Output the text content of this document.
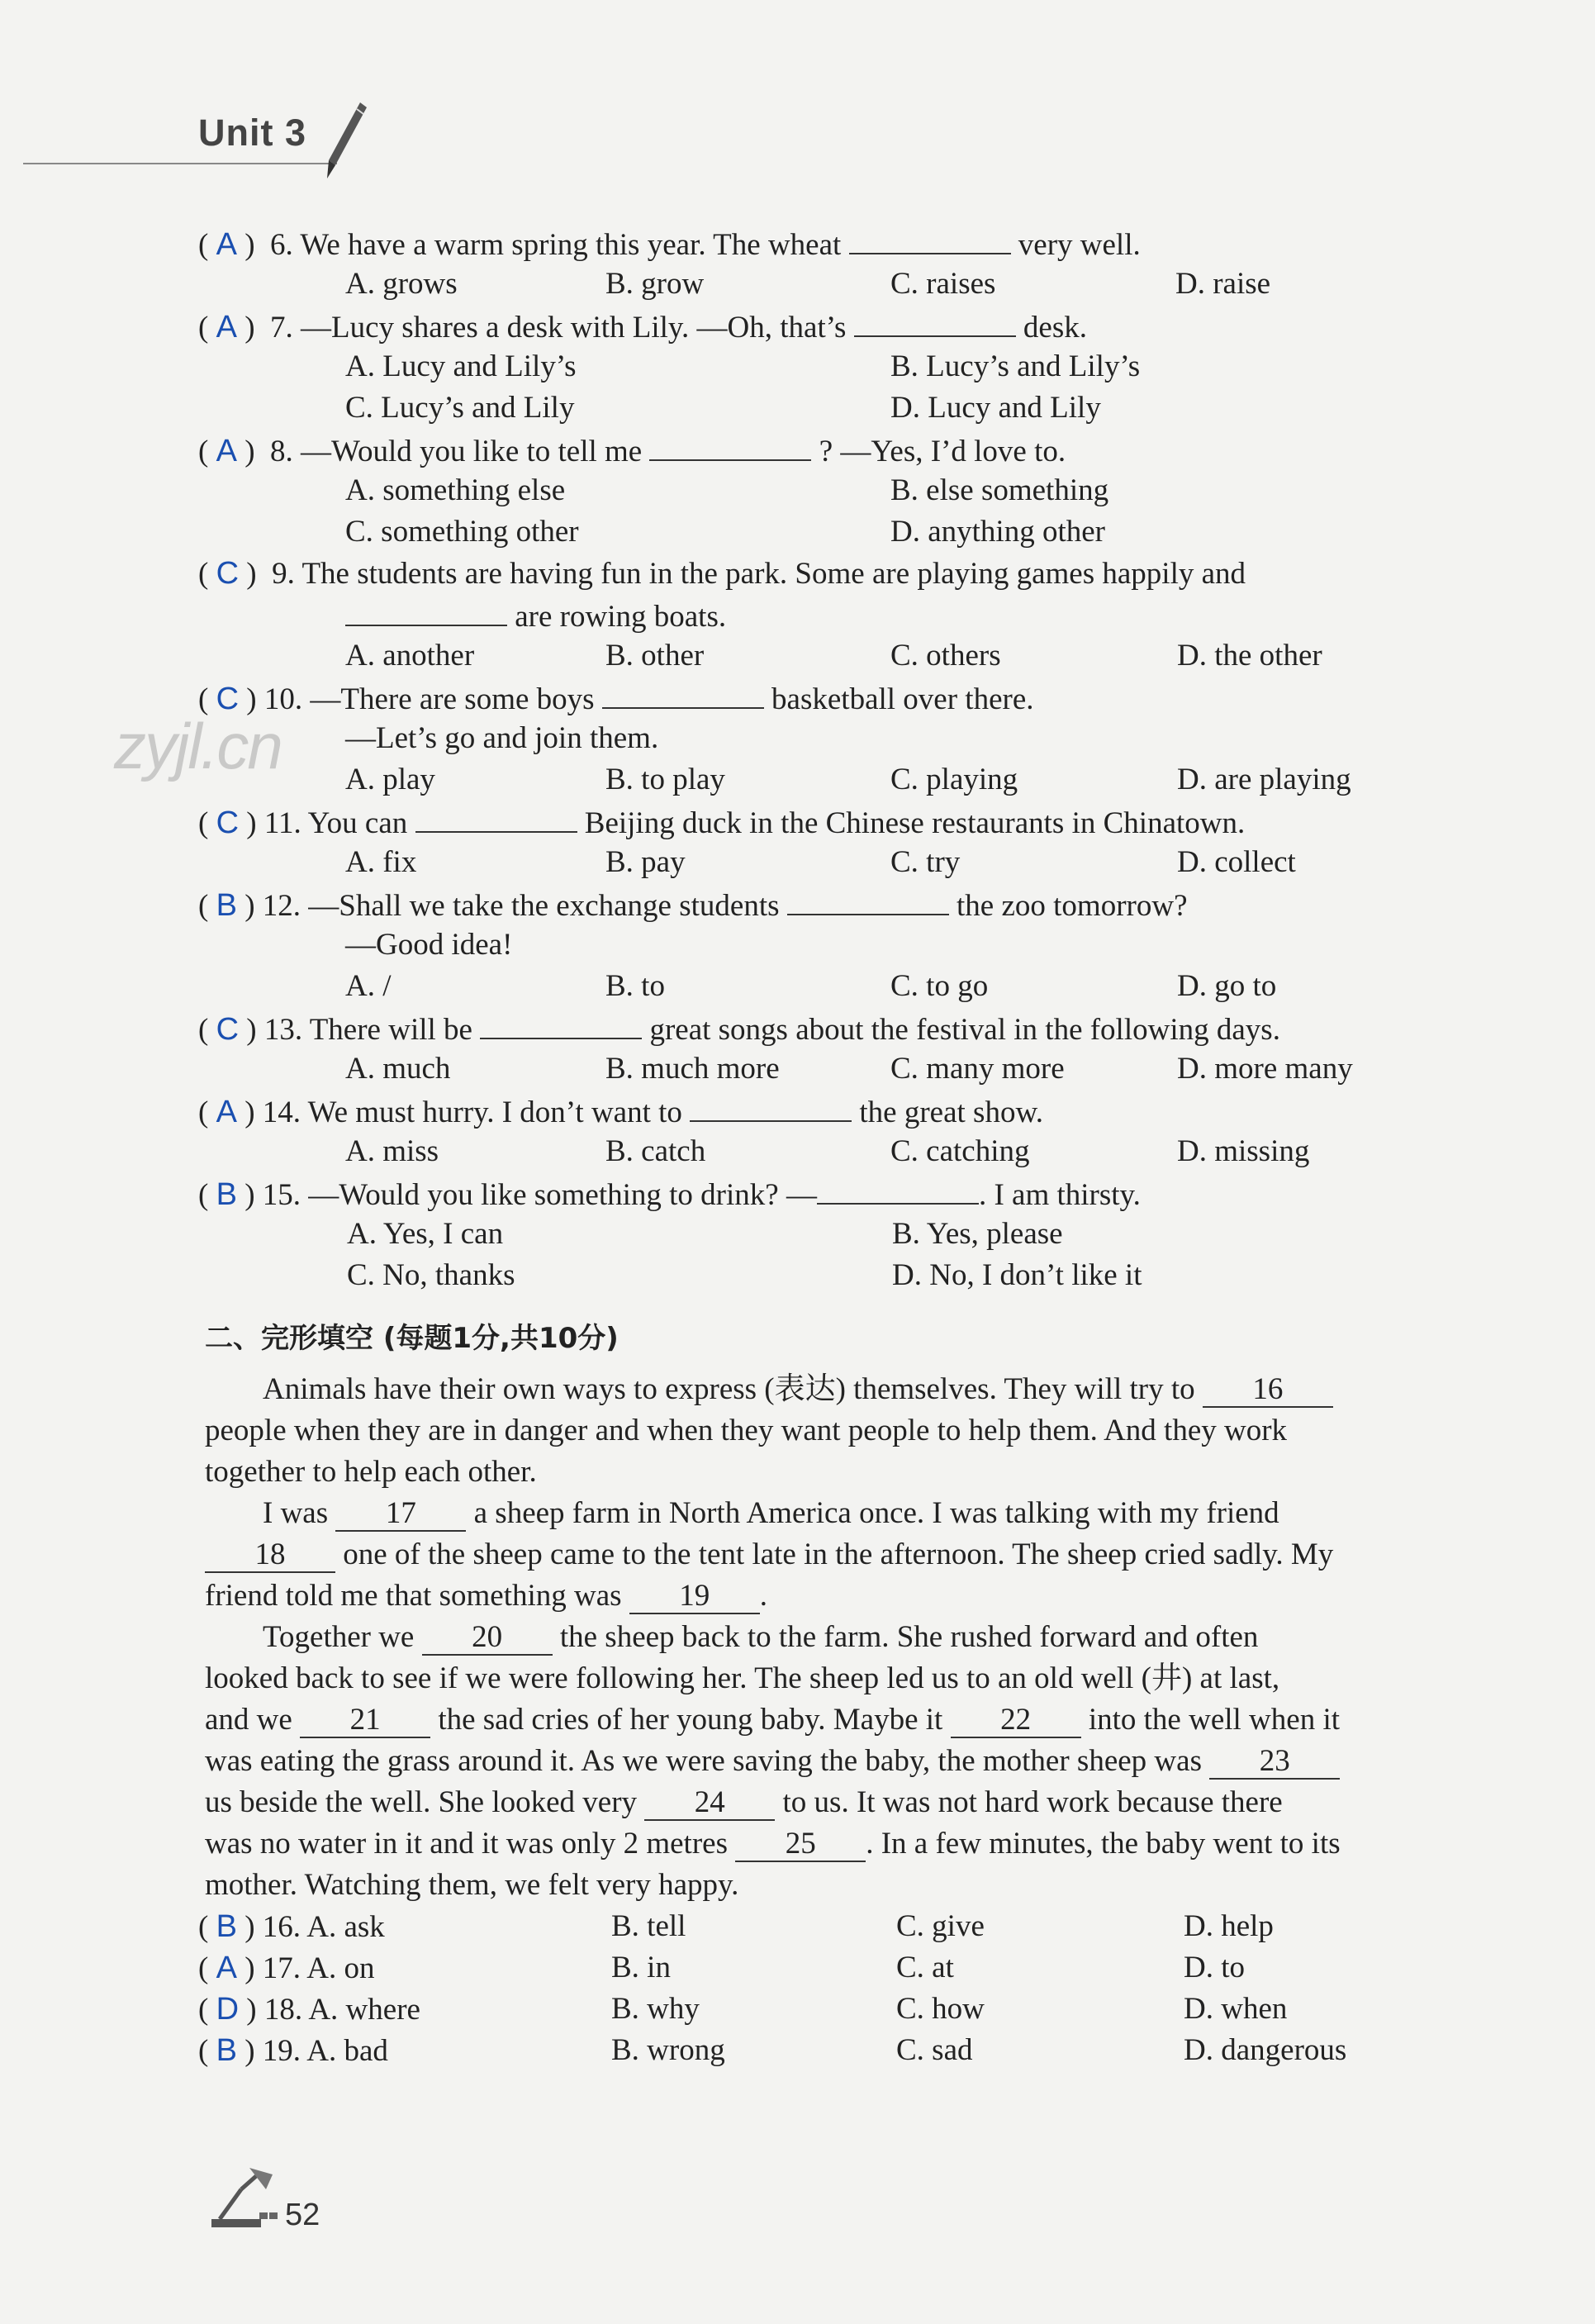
Unit 3
zyjl.cn
( A )  6. We have a warm spring this year. The wheat	very well.
A. grows	B. grow	C. raises	D. raise
( A )  7. —Lucy shares a desk with Lily. —Oh, that’s	desk.
A. Lucy and Lily’s	B. Lucy’s and Lily’s
C. Lucy’s and Lily	D. Lucy and Lily
( A )  8. —Would you like to tell me	? —Yes, I’d love to.
A. something else	B. else something
C. something other	D. anything other
( C )  9. The students are having fun in the park. Some are playing games happily and
are rowing boats.
A. another	B. other	C. others	D. the other
( C ) 10. —There are some boys	basketball over there.
—Let’s go and join them.
A. play	B. to play	C. playing	D. are playing
( C ) 11. You can	Beijing duck in the Chinese restaurants in Chinatown.
A. fix	B. pay	C. try	D. collect
( B ) 12. —Shall we take the exchange students	the zoo tomorrow?
—Good idea!
A. /	B. to	C. to go	D. go to
( C ) 13. There will be	great songs about the festival in the following days.
A. much	B. much more	C. many more	D. more many
( A ) 14. We must hurry. I don’t want to	the great show.
A. miss	B. catch	C. catching	D. missing
( B ) 15. —Would you like something to drink? —	. I am thirsty.
A. Yes, I can	B. Yes, please
C. No, thanks	D. No, I don’t like it
二、完形填空 (每题1分,共10分)
Animals have their own ways to express (表达) themselves. They will try to 16
people when they are in danger and when they want people to help them. And they work
together to help each other.
I was 17 a sheep farm in North America once. I was talking with my friend
18 one of the sheep came to the tent late in the afternoon. The sheep cried sadly. My
friend told me that something was 19 .
Together we 20 the sheep back to the farm. She rushed forward and often
looked back to see if we were following her. The sheep led us to an old well (井) at last,
and we 21 the sad cries of her young baby. Maybe it 22 into the well when it
was eating the grass around it. As we were saving the baby, the mother sheep was 23
us beside the well. She looked very 24 to us. It was not hard work because there
was no water in it and it was only 2 metres 25 . In a few minutes, the baby went to its
mother. Watching them, we felt very happy.
( B ) 16. A. ask	B. tell	C. give	D. help
( A ) 17. A. on	B. in	C. at	D. to
( D ) 18. A. where	B. why	C. how	D. when
( B ) 19. A. bad	B. wrong	C. sad	D. dangerous
52
